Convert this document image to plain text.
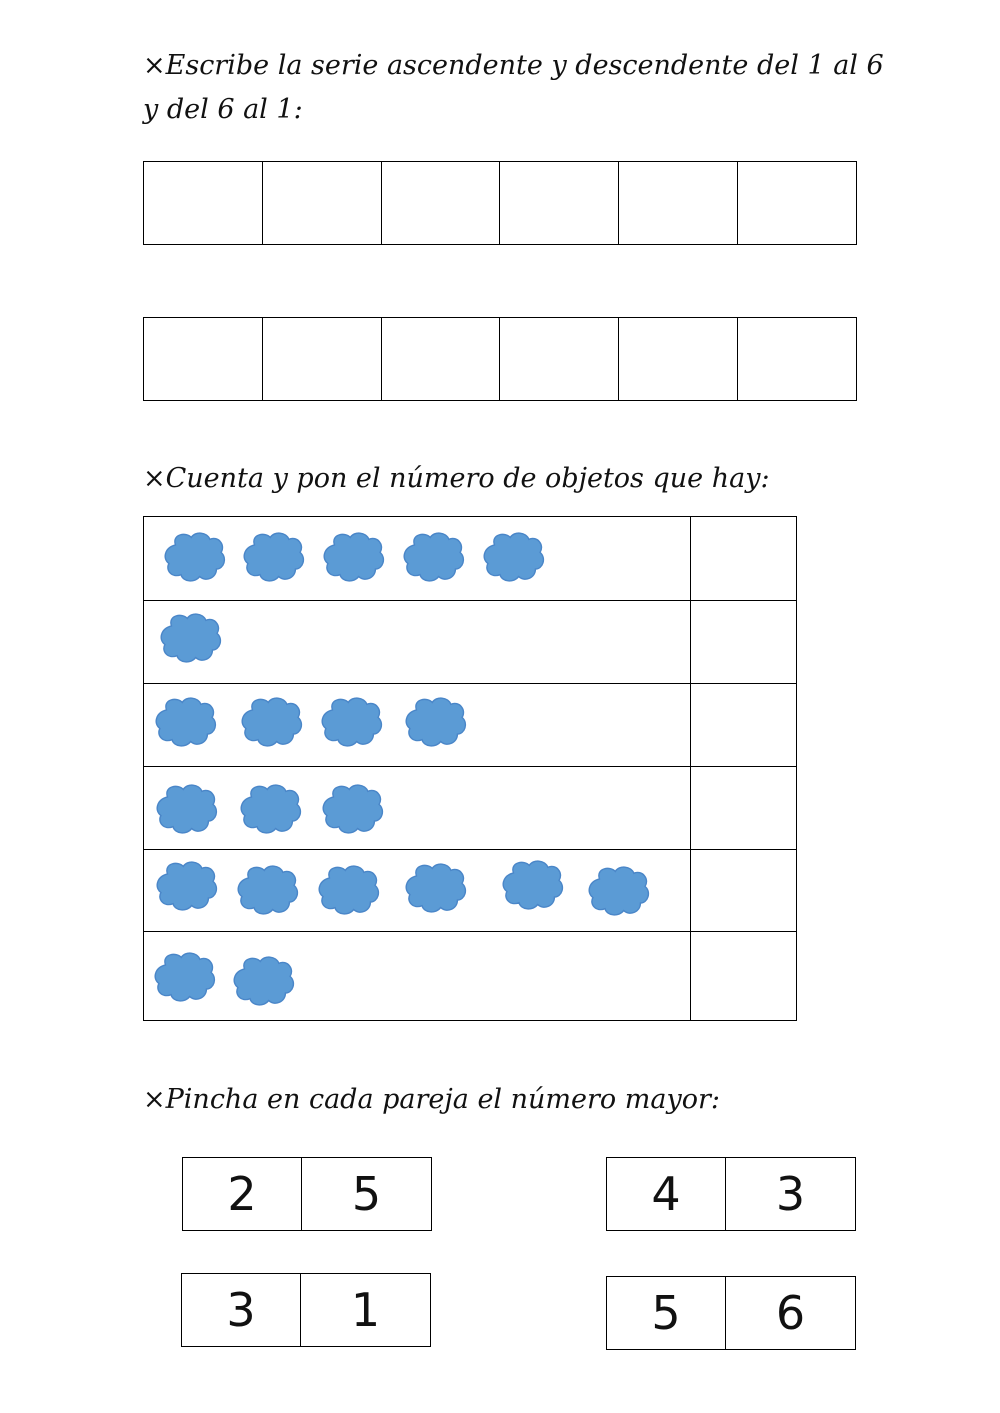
×Escribe la serie ascendente y descendente del 1 al 6
y del 6 al 1:
×Cuenta y pon el número de objetos que hay:
×Pincha en cada pareja el número mayor:
2	5	4	3
3	1	5	6
